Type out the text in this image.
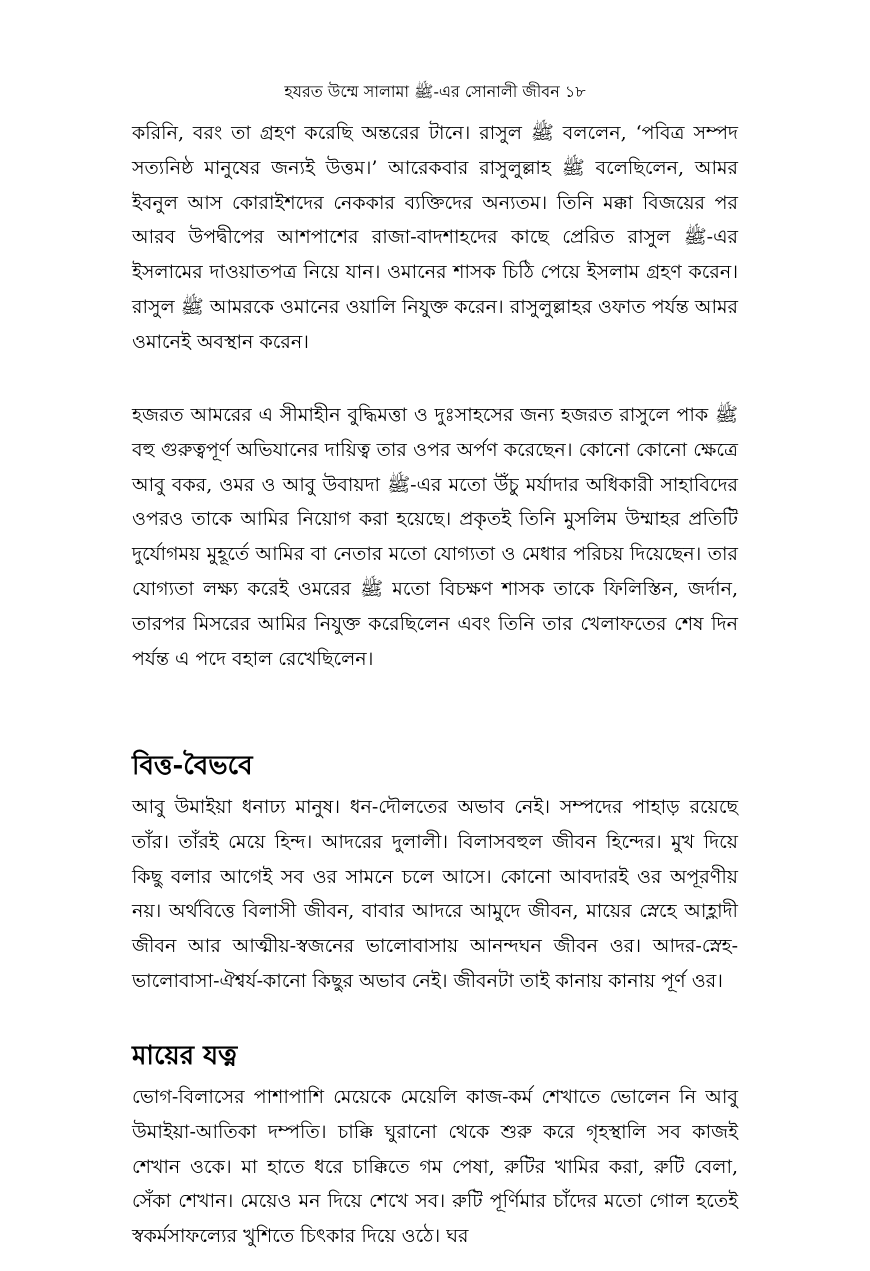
হযরত উম্মে সালামা ﷺ-এর সোনালী জীবন ১৮

করিনি, বরং তা গ্রহণ করেছি অন্তরের টানে। রাসুল ﷺ বললেন, ‘পবিত্র সম্পদ সত্যনিষ্ঠ মানুষের জন্যই উত্তম।’ আরেকবার রাসুলুল্লাহ ﷺ বলেছিলেন, আমর ইবনুল আস কোরাইশদের নেককার ব্যক্তিদের অন্যতম। তিনি মক্কা বিজয়ের পর আরব উপদ্বীপের আশপাশের রাজা-বাদশাহদের কাছে প্রেরিত রাসুল ﷺ-এর ইসলামের দাওয়াতপত্র নিয়ে যান। ওমানের শাসক চিঠি পেয়ে ইসলাম গ্রহণ করেন। রাসুল ﷺ আমরকে ওমানের ওয়ালি নিযুক্ত করেন। রাসুলুল্লাহর ওফাত পর্যন্ত আমর ওমানেই অবস্থান করেন।

হজরত আমরের এ সীমাহীন বুদ্ধিমত্তা ও দুঃসাহসের জন্য হজরত রাসুলে পাক ﷺ বহু গুরুত্বপূর্ণ অভিযানের দায়িত্ব তার ওপর অর্পণ করেছেন। কোনো কোনো ক্ষেত্রে আবু বকর, ওমর ও আবু উবায়দা ﷺ-এর মতো উঁচু মর্যাদার অধিকারী সাহাবিদের ওপরও তাকে আমির নিয়োগ করা হয়েছে। প্রকৃতই তিনি মুসলিম উম্মাহর প্রতিটি দুর্যোগময় মুহূর্তে আমির বা নেতার মতো যোগ্যতা ও মেধার পরিচয় দিয়েছেন। তার যোগ্যতা লক্ষ্য করেই ওমরের ﷺ মতো বিচক্ষণ শাসক তাকে ফিলিস্তিন, জর্দান, তারপর মিসরের আমির নিযুক্ত করেছিলেন এবং তিনি তার খেলাফতের শেষ দিন পর্যন্ত এ পদে বহাল রেখেছিলেন।

বিত্ত-বৈভবে

আবু উমাইয়া ধনাঢ্য মানুষ। ধন-দৌলতের অভাব নেই। সম্পদের পাহাড় রয়েছে তাঁর। তাঁরই মেয়ে হিন্দ। আদরের দুলালী। বিলাসবহুল জীবন হিন্দের। মুখ দিয়ে কিছু বলার আগেই সব ওর সামনে চলে আসে। কোনো আবদারই ওর অপূরণীয় নয়। অর্থবিত্তে বিলাসী জীবন, বাবার আদরে আমুদে জীবন, মায়ের স্নেহে আহ্লাদী জীবন আর আত্মীয়-স্বজনের ভালোবাসায় আনন্দঘন জীবন ওর। আদর-স্নেহ-ভালোবাসা-ঐশ্বর্য-কানো কিছুর অভাব নেই। জীবনটা তাই কানায় কানায় পূর্ণ ওর।

মায়ের যত্ন

ভোগ-বিলাসের পাশাপাশি মেয়েকে মেয়েলি কাজ-কর্ম শেখাতে ভোলেন নি আবু উমাইয়া-আতিকা দম্পতি। চাক্কি ঘুরানো থেকে শুরু করে গৃহস্থালি সব কাজই শেখান ওকে। মা হাতে ধরে চাক্কিতে গম পেষা, রুটির খামির করা, রুটি বেলা, সেঁকা শেখান। মেয়েও মন দিয়ে শেখে সব। রুটি পূর্ণিমার চাঁদের মতো গোল হতেই স্বকর্মসাফল্যের খুশিতে চিৎকার দিয়ে ওঠে। ঘর
